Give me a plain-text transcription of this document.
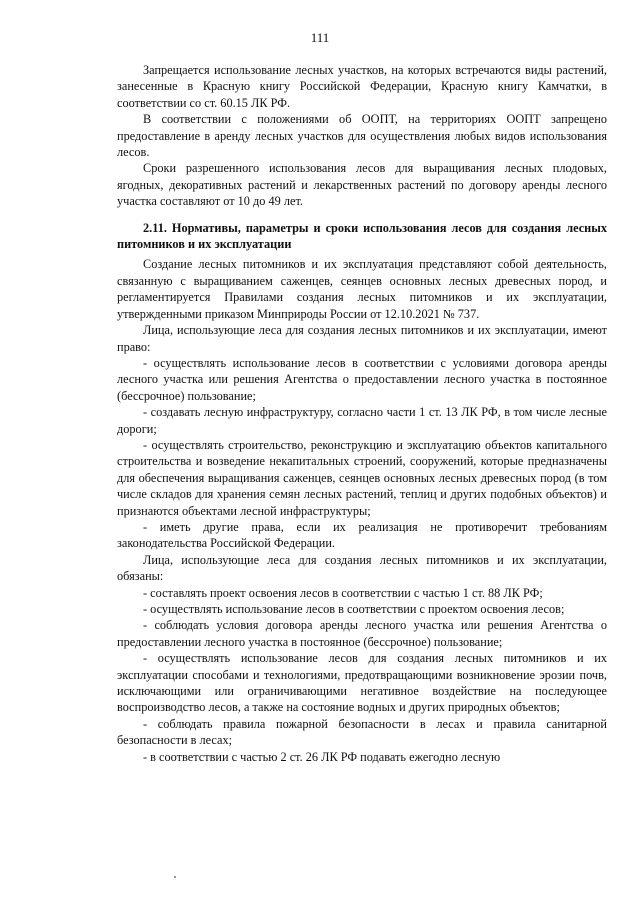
111

Запрещается использование лесных участков, на которых встречаются виды растений, занесенные в Красную книгу Российской Федерации, Красную книгу Камчатки, в соответствии со ст. 60.15 ЛК РФ.

В соответствии с положениями об ООПТ, на территориях ООПТ запрещено предоставление в аренду лесных участков для осуществления любых видов использования лесов.

Сроки разрешенного использования лесов для выращивания лесных плодовых, ягодных, декоративных растений и лекарственных растений по договору аренды лесного участка составляют от 10 до 49 лет.

2.11. Нормативы, параметры и сроки использования лесов для создания лесных питомников и их эксплуатации

Создание лесных питомников и их эксплуатация представляют собой деятельность, связанную с выращиванием саженцев, сеянцев основных лесных древесных пород, и регламентируется Правилами создания лесных питомников и их эксплуатации, утвержденными приказом Минприроды России от 12.10.2021 № 737.

Лица, использующие леса для создания лесных питомников и их эксплуатации, имеют право:

- осуществлять использование лесов в соответствии с условиями договора аренды лесного участка или решения Агентства о предоставлении лесного участка в постоянное (бессрочное) пользование;

- создавать лесную инфраструктуру, согласно части 1 ст. 13 ЛК РФ, в том числе лесные дороги;

- осуществлять строительство, реконструкцию и эксплуатацию объектов капитального строительства и возведение некапитальных строений, сооружений, которые предназначены для обеспечения выращивания саженцев, сеянцев основных лесных древесных пород (в том числе складов для хранения семян лесных растений, теплиц и других подобных объектов) и признаются объектами лесной инфраструктуры;

- иметь другие права, если их реализация не противоречит требованиям законодательства Российской Федерации.

Лица, использующие леса для создания лесных питомников и их эксплуатации, обязаны:

- составлять проект освоения лесов в соответствии с частью 1 ст. 88 ЛК РФ;

- осуществлять использование лесов в соответствии с проектом освоения лесов;

- соблюдать условия договора аренды лесного участка или решения Агентства о предоставлении лесного участка в постоянное (бессрочное) пользование;

- осуществлять использование лесов для создания лесных питомников и их эксплуатации способами и технологиями, предотвращающими возникновение эрозии почв, исключающими или ограничивающими негативное воздействие на последующее воспроизводство лесов, а также на состояние водных и других природных объектов;

- соблюдать правила пожарной безопасности в лесах и правила санитарной безопасности в лесах;

- в соответствии с частью 2 ст. 26 ЛК РФ подавать ежегодно лесную
